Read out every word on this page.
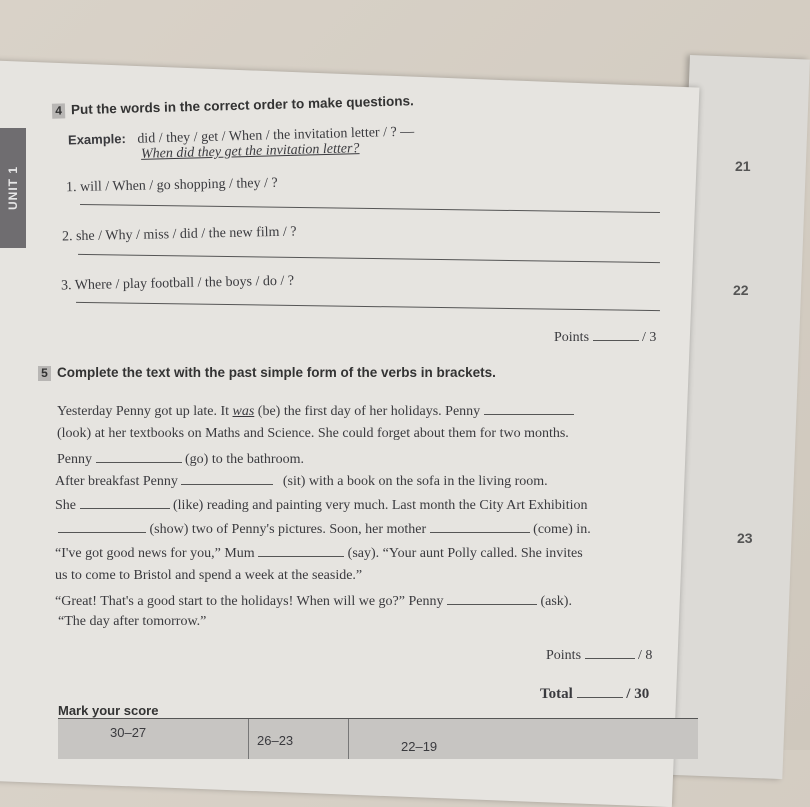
21
22
23
UNIT 1
4 Put the words in the correct order to make questions.
Example: did / they / get / When / the invitation letter / ? —
When did they get the invitation letter?
1. will / When / go shopping / they / ?
2. she / Why / miss / did / the new film / ?
3. Where / play football / the boys / do / ?
Points	/ 3
5 Complete the text with the past simple form of the verbs in brackets.
Yesterday Penny got up late. It was (be) the first day of her holidays. Penny
(look) at her textbooks on Maths and Science. She could forget about them for two months.
Penny	(go) to the bathroom.
After breakfast Penny	(sit) with a book on the sofa in the living room.
She	(like) reading and painting very much. Last month the City Art Exhibition
(show) two of Penny's pictures. Soon, her mother	(come) in.
“I've got good news for you,” Mum	(say). “Your aunt Polly called. She invites
us to come to Bristol and spend a week at the seaside.”
“Great! That's a good start to the holidays! When will we go?” Penny	(ask).
“The day after tomorrow.”
Points	/ 8
Total	/ 30
Mark your score
30–27
26–23	22–19
